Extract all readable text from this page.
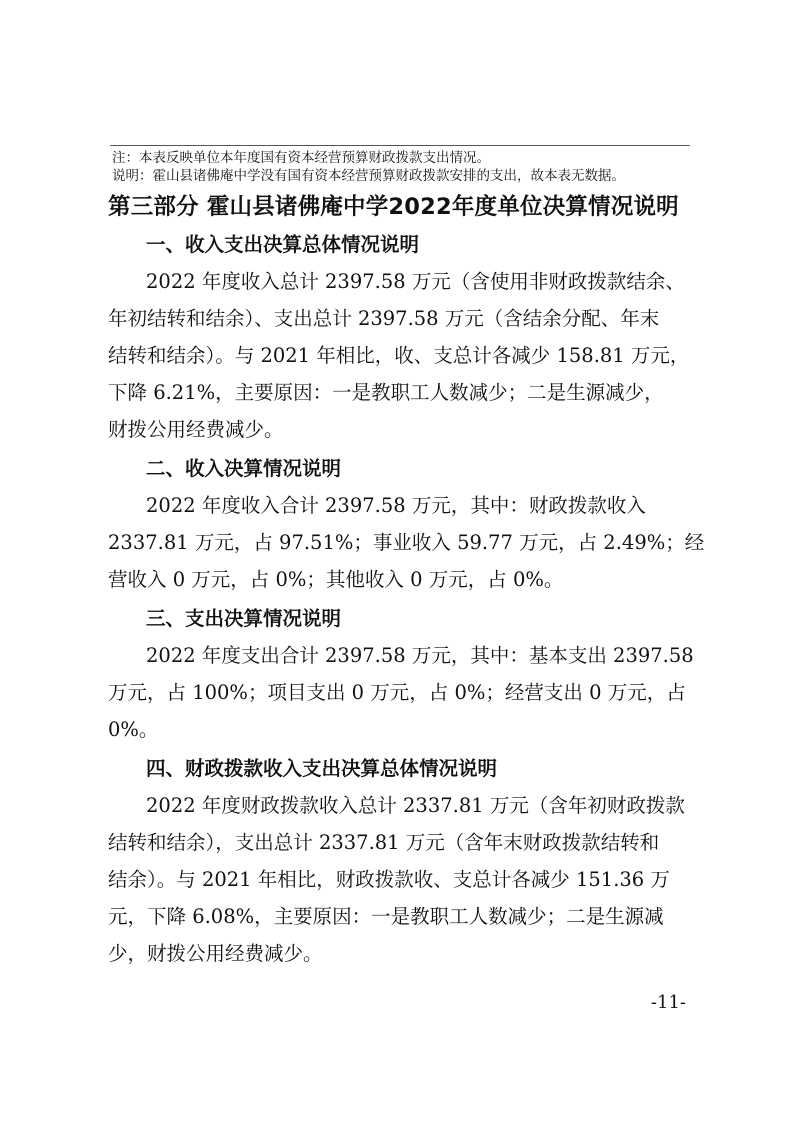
注：本表反映单位本年度国有资本经营预算财政拨款支出情况。
说明：霍山县诸佛庵中学没有国有资本经营预算财政拨款安排的支出，故本表无数据。
第三部分 霍山县诸佛庵中学2022年度单位决算情况说明
一、收入支出决算总体情况说明
2022 年度收入总计 2397.58 万元（含使用非财政拨款结余、
年初结转和结余）、支出总计 2397.58 万元（含结余分配、年末
结转和结余）。与 2021 年相比，收、支总计各减少 158.81 万元，
下降 6.21%，主要原因：一是教职工人数减少；二是生源减少，
财拨公用经费减少。
二、收入决算情况说明
2022 年度收入合计 2397.58 万元，其中：财政拨款收入
2337.81 万元，占 97.51%；事业收入 59.77 万元，占 2.49%；经
营收入 0 万元，占 0%；其他收入 0 万元，占 0%。
三、支出决算情况说明
2022 年度支出合计 2397.58 万元，其中：基本支出 2397.58
万元，占 100%；项目支出 0 万元，占 0%；经营支出 0 万元，占
0%。
四、财政拨款收入支出决算总体情况说明
2022 年度财政拨款收入总计 2337.81 万元（含年初财政拨款
结转和结余），支出总计 2337.81 万元（含年末财政拨款结转和
结余）。与 2021 年相比，财政拨款收、支总计各减少 151.36 万
元，下降 6.08%，主要原因：一是教职工人数减少；二是生源减
少，财拨公用经费减少。
-11-
